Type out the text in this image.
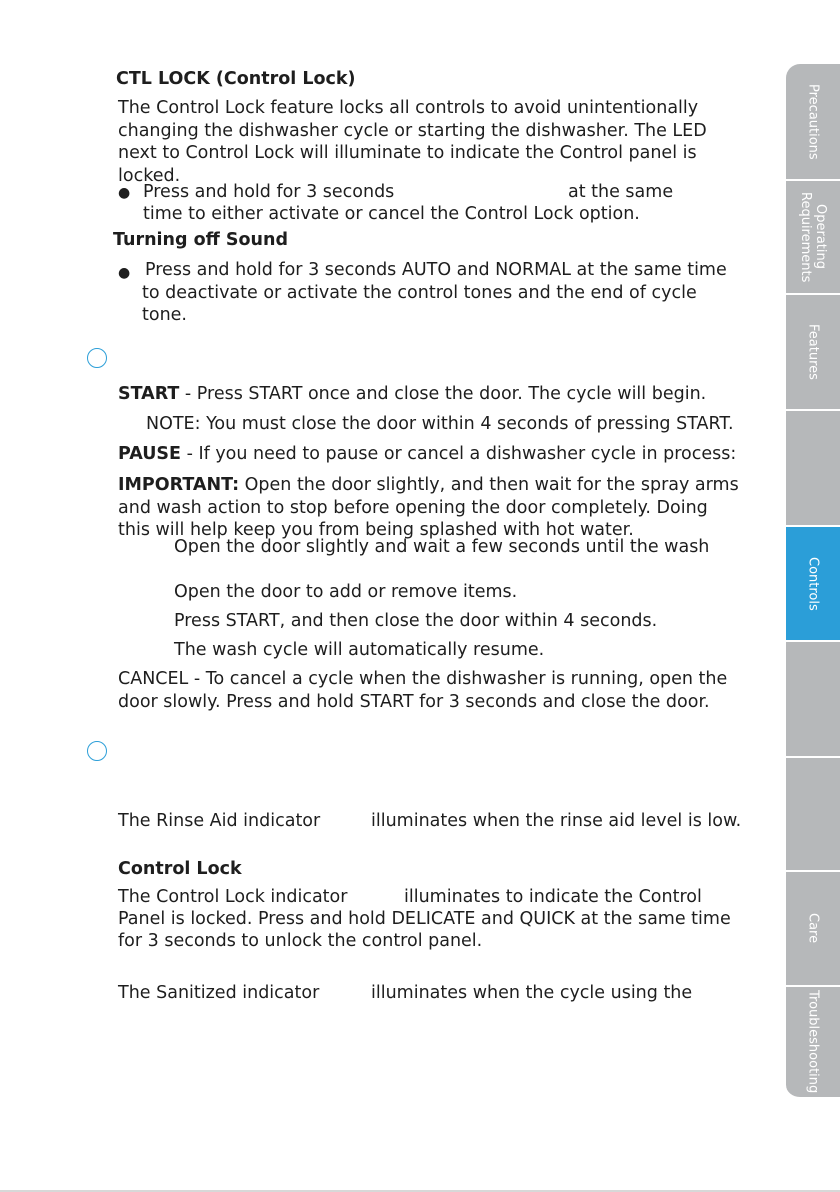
CTL LOCK (Control Lock)
The Control Lock feature locks all controls to avoid unintentionally
changing the dishwasher cycle or starting the dishwasher. The LED
next to Control Lock will illuminate to indicate the Control panel is
locked.
● Press and hold for 3 seconds	at the same
time to either activate or cancel the Control Lock option.
Turning off Sound
● Press and hold for 3 seconds AUTO and NORMAL at the same time
to deactivate or activate the control tones and the end of cycle
tone.
START - Press START once and close the door. The cycle will begin.
NOTE: You must close the door within 4 seconds of pressing START.
PAUSE - If you need to pause or cancel a dishwasher cycle in process:
IMPORTANT: Open the door slightly, and then wait for the spray arms
and wash action to stop before opening the door completely. Doing
this will help keep you from being splashed with hot water.
Open the door slightly and wait a few seconds until the wash
Open the door to add or remove items.
Press START, and then close the door within 4 seconds.
The wash cycle will automatically resume.
CANCEL - To cancel a cycle when the dishwasher is running, open the
door slowly. Press and hold START for 3 seconds and close the door.
The Rinse Aid indicator	illuminates when the rinse aid level is low.
Control Lock
The Control Lock indicator	illuminates to indicate the Control
Panel is locked. Press and hold DELICATE and QUICK at the same time
for 3 seconds to unlock the control panel.
The Sanitized indicator	illuminates when the cycle using the
Precautions
Operating
Requirements
Features
Controls
Care
Troubleshooting
